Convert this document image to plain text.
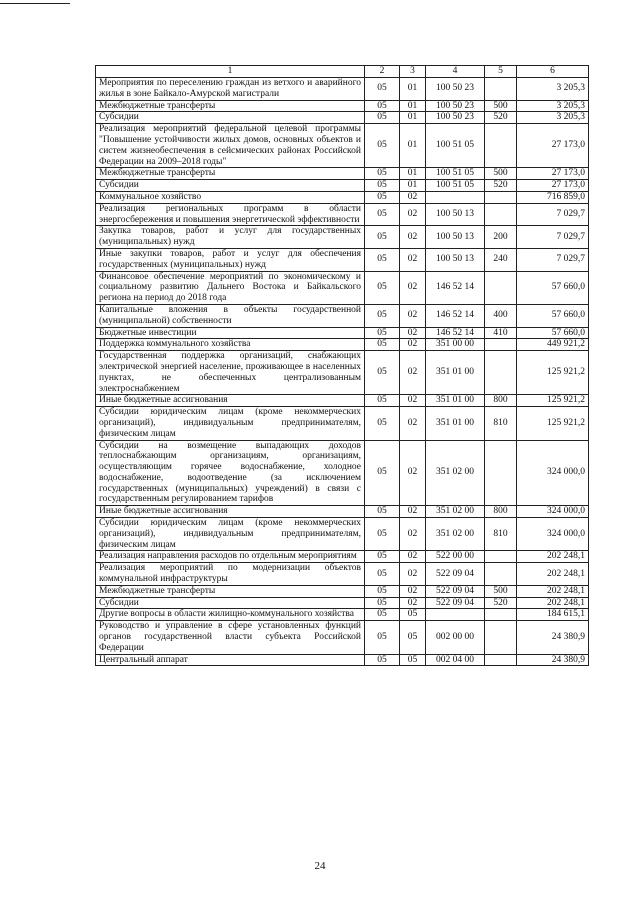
1	2	3	4	5	6
Мероприятия по переселению граждан из ветхого и аварийного жилья в зоне Байкало-Амурской магистрали	05	01	100 50 23		3 205,3
Межбюджетные трансферты	05	01	100 50 23	500	3 205,3
Субсидии	05	01	100 50 23	520	3 205,3
Реализация мероприятий федеральной целевой программы "Повышение устойчивости жилых домов, основных объектов и систем жизнеобеспечения в сейсмических районах Российской Федерации на 2009–2018 годы"	05	01	100 51 05		27 173,0
Межбюджетные трансферты	05	01	100 51 05	500	27 173,0
Субсидии	05	01	100 51 05	520	27 173,0
Коммунальное хозяйство	05	02			716 859,0
Реализация региональных программ в области энергосбережения и повышения энергетической эффективности	05	02	100 50 13		7 029,7
Закупка товаров, работ и услуг для государственных (муниципальных) нужд	05	02	100 50 13	200	7 029,7
Иные закупки товаров, работ и услуг для обеспечения государственных (муниципальных) нужд	05	02	100 50 13	240	7 029,7
Финансовое обеспечение мероприятий по экономическому и социальному развитию Дальнего Востока и Байкальского региона на период до 2018 года	05	02	146 52 14		57 660,0
Капитальные вложения в объекты государственной (муниципальной) собственности	05	02	146 52 14	400	57 660,0
Бюджетные инвестиции	05	02	146 52 14	410	57 660,0
Поддержка коммунального хозяйства	05	02	351 00 00		449 921,2
Государственная поддержка организаций, снабжающих электрической энергией население, проживающее в населенных пунктах, не обеспеченных централизованным электроснабжением	05	02	351 01 00		125 921,2
Иные бюджетные ассигнования	05	02	351 01 00	800	125 921,2
Субсидии юридическим лицам (кроме некоммерческих организаций), индивидуальным предпринимателям, физическим лицам	05	02	351 01 00	810	125 921,2
Субсидии на возмещение выпадающих доходов теплоснабжающим организациям, организациям, осуществляющим горячее водоснабжение, холодное водоснабжение, водоотведение (за исключением государственных (муниципальных) учреждений) в связи с государственным регулированием тарифов	05	02	351 02 00		324 000,0
Иные бюджетные ассигнования	05	02	351 02 00	800	324 000,0
Субсидии юридическим лицам (кроме некоммерческих организаций), индивидуальным предпринимателям, физическим лицам	05	02	351 02 00	810	324 000,0
Реализация направления расходов по отдельным мероприятиям	05	02	522 00 00		202 248,1
Реализация мероприятий по модернизации объектов коммунальной инфраструктуры	05	02	522 09 04		202 248,1
Межбюджетные трансферты	05	02	522 09 04	500	202 248,1
Субсидии	05	02	522 09 04	520	202 248,1
Другие вопросы в области жилищно-коммунального хозяйства	05	05			184 615,1
Руководство и управление в сфере установленных функций органов государственной власти субъекта Российской Федерации	05	05	002 00 00		24 380,9
Центральный аппарат	05	05	002 04 00		24 380,9
24
